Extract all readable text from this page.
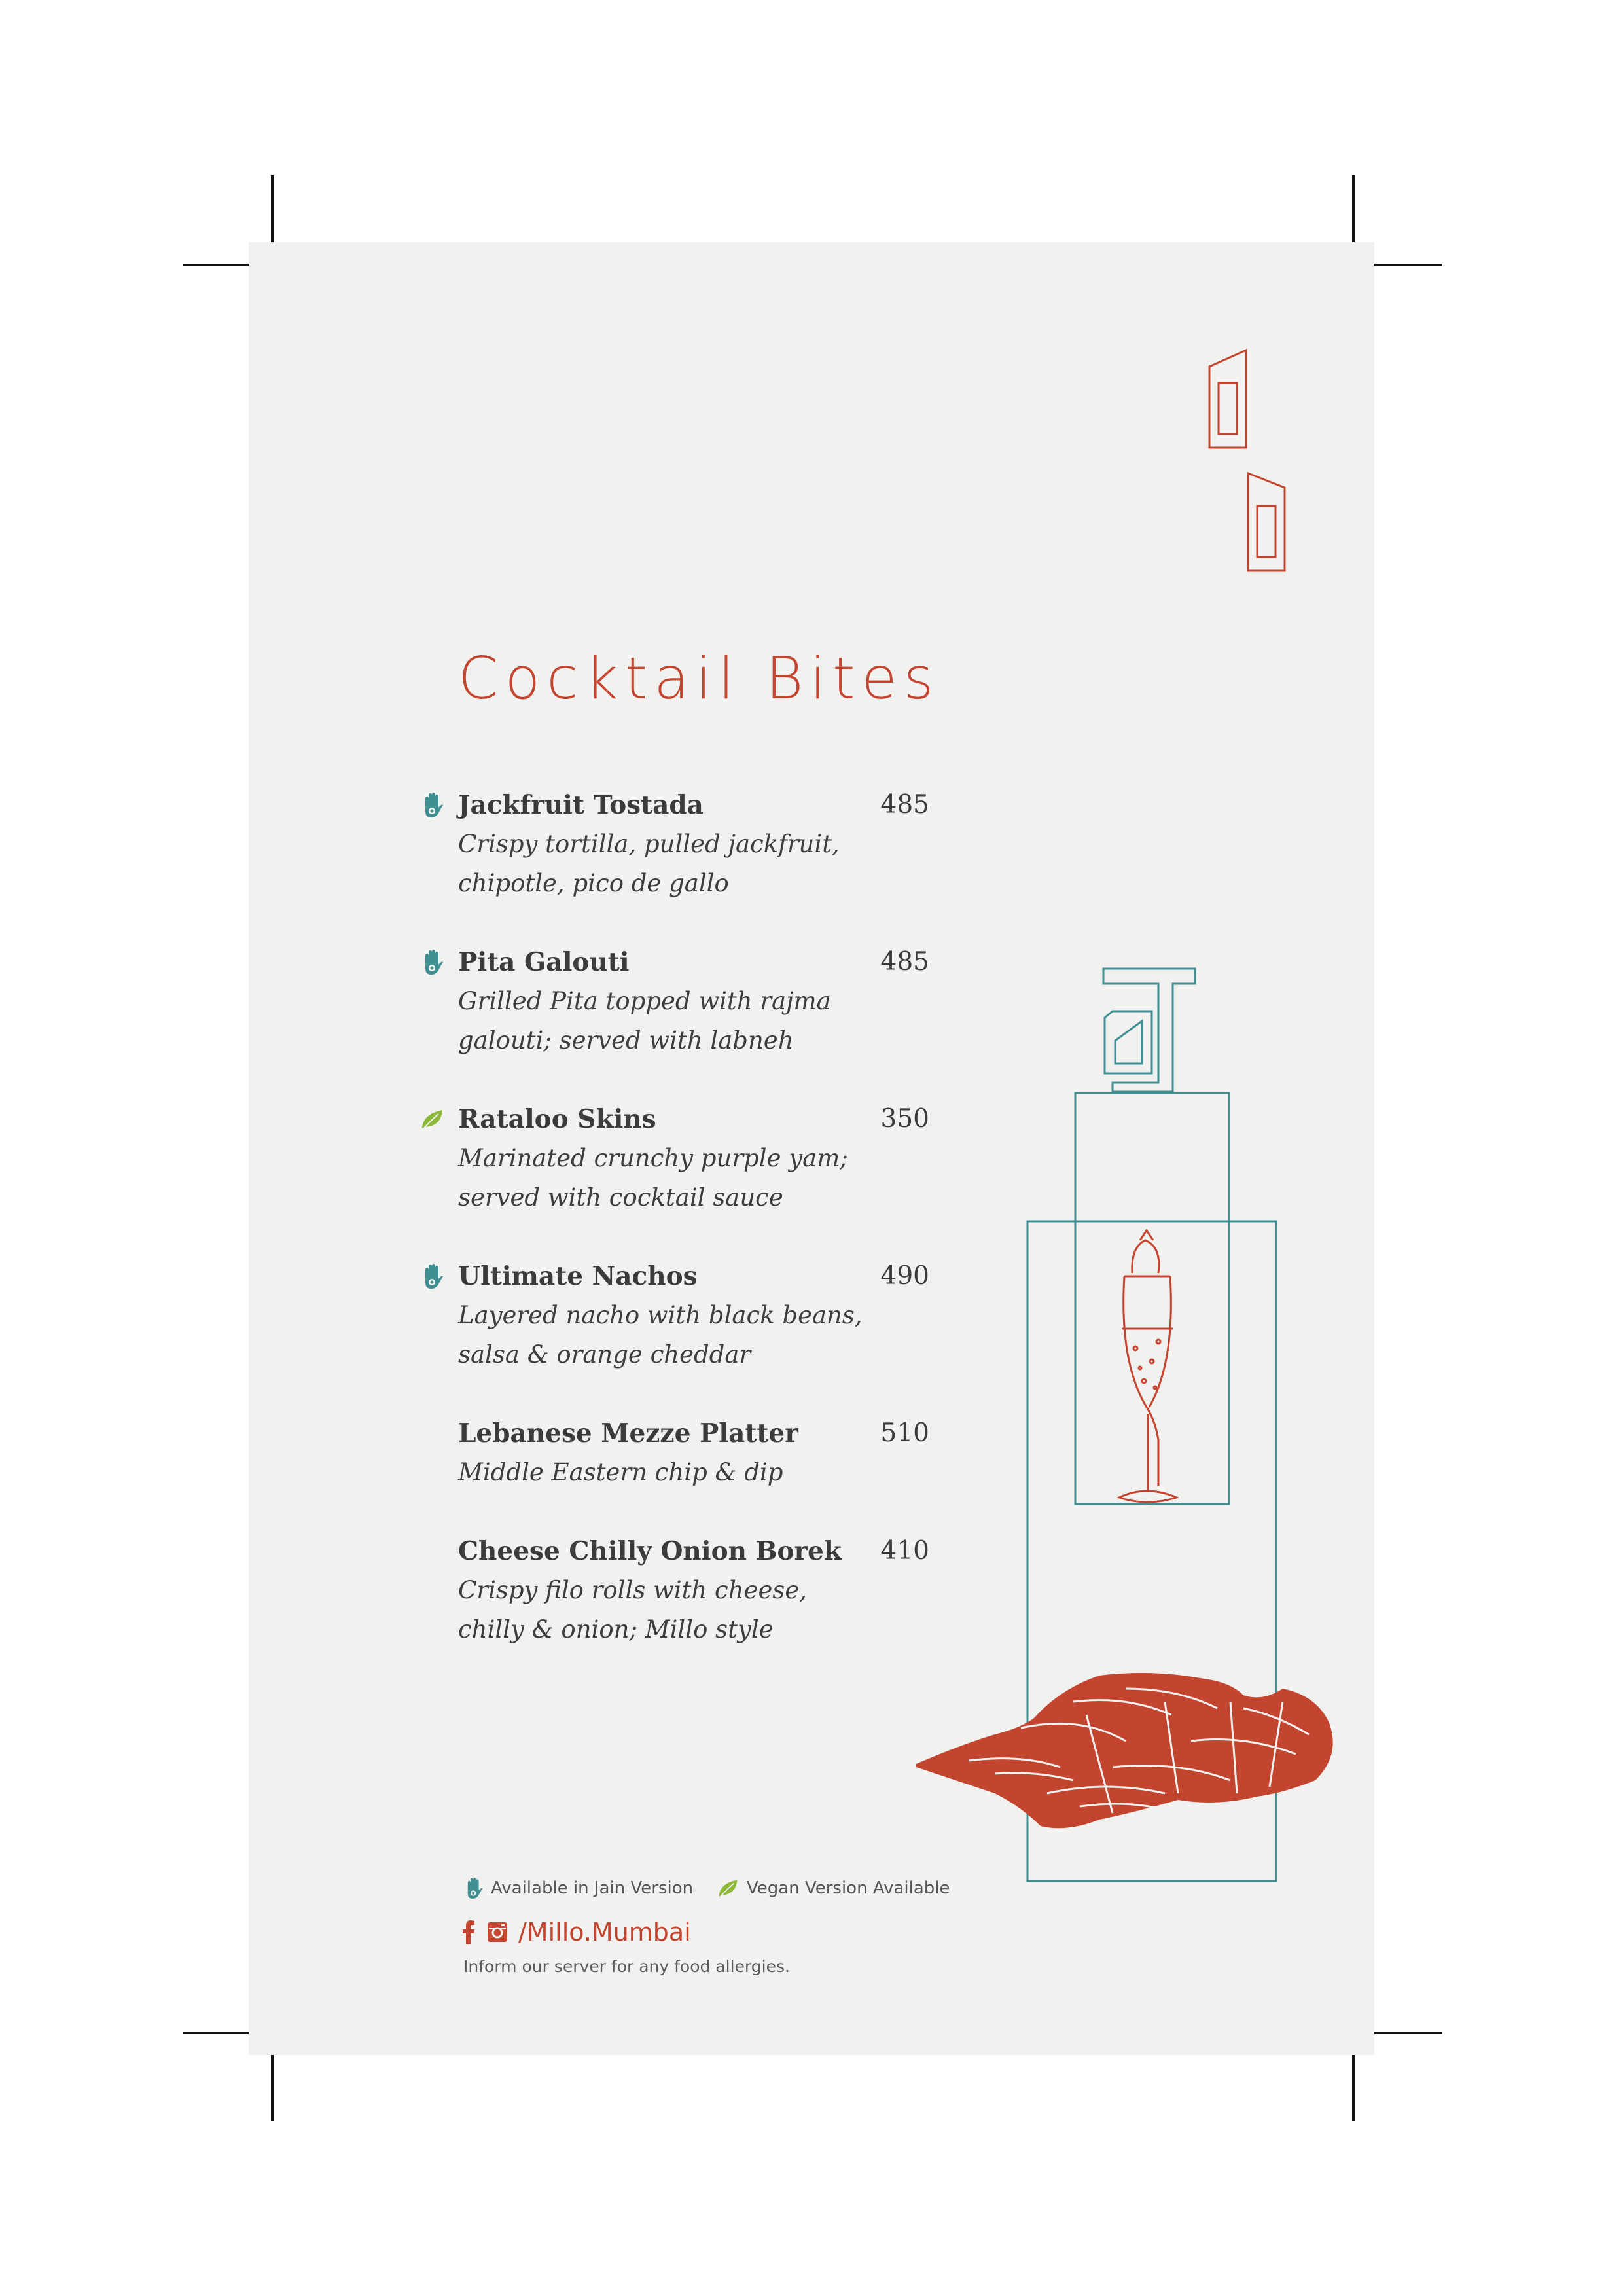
Cocktail Bites
Jackfruit Tostada	485
Crispy tortilla, pulled jackfruit,
chipotle, pico de gallo
Pita Galouti	485
Grilled Pita topped with rajma
galouti; served with labneh
Rataloo Skins	350
Marinated crunchy purple yam;
served with cocktail sauce
Ultimate Nachos	490
Layered nacho with black beans,
salsa & orange cheddar
Lebanese Mezze Platter	510
Middle Eastern chip & dip
Cheese Chilly Onion Borek	410
Crispy filo rolls with cheese,
chilly & onion; Millo style
Available in Jain Version	Vegan Version Available
/Millo.Mumbai
Inform our server for any food allergies.
